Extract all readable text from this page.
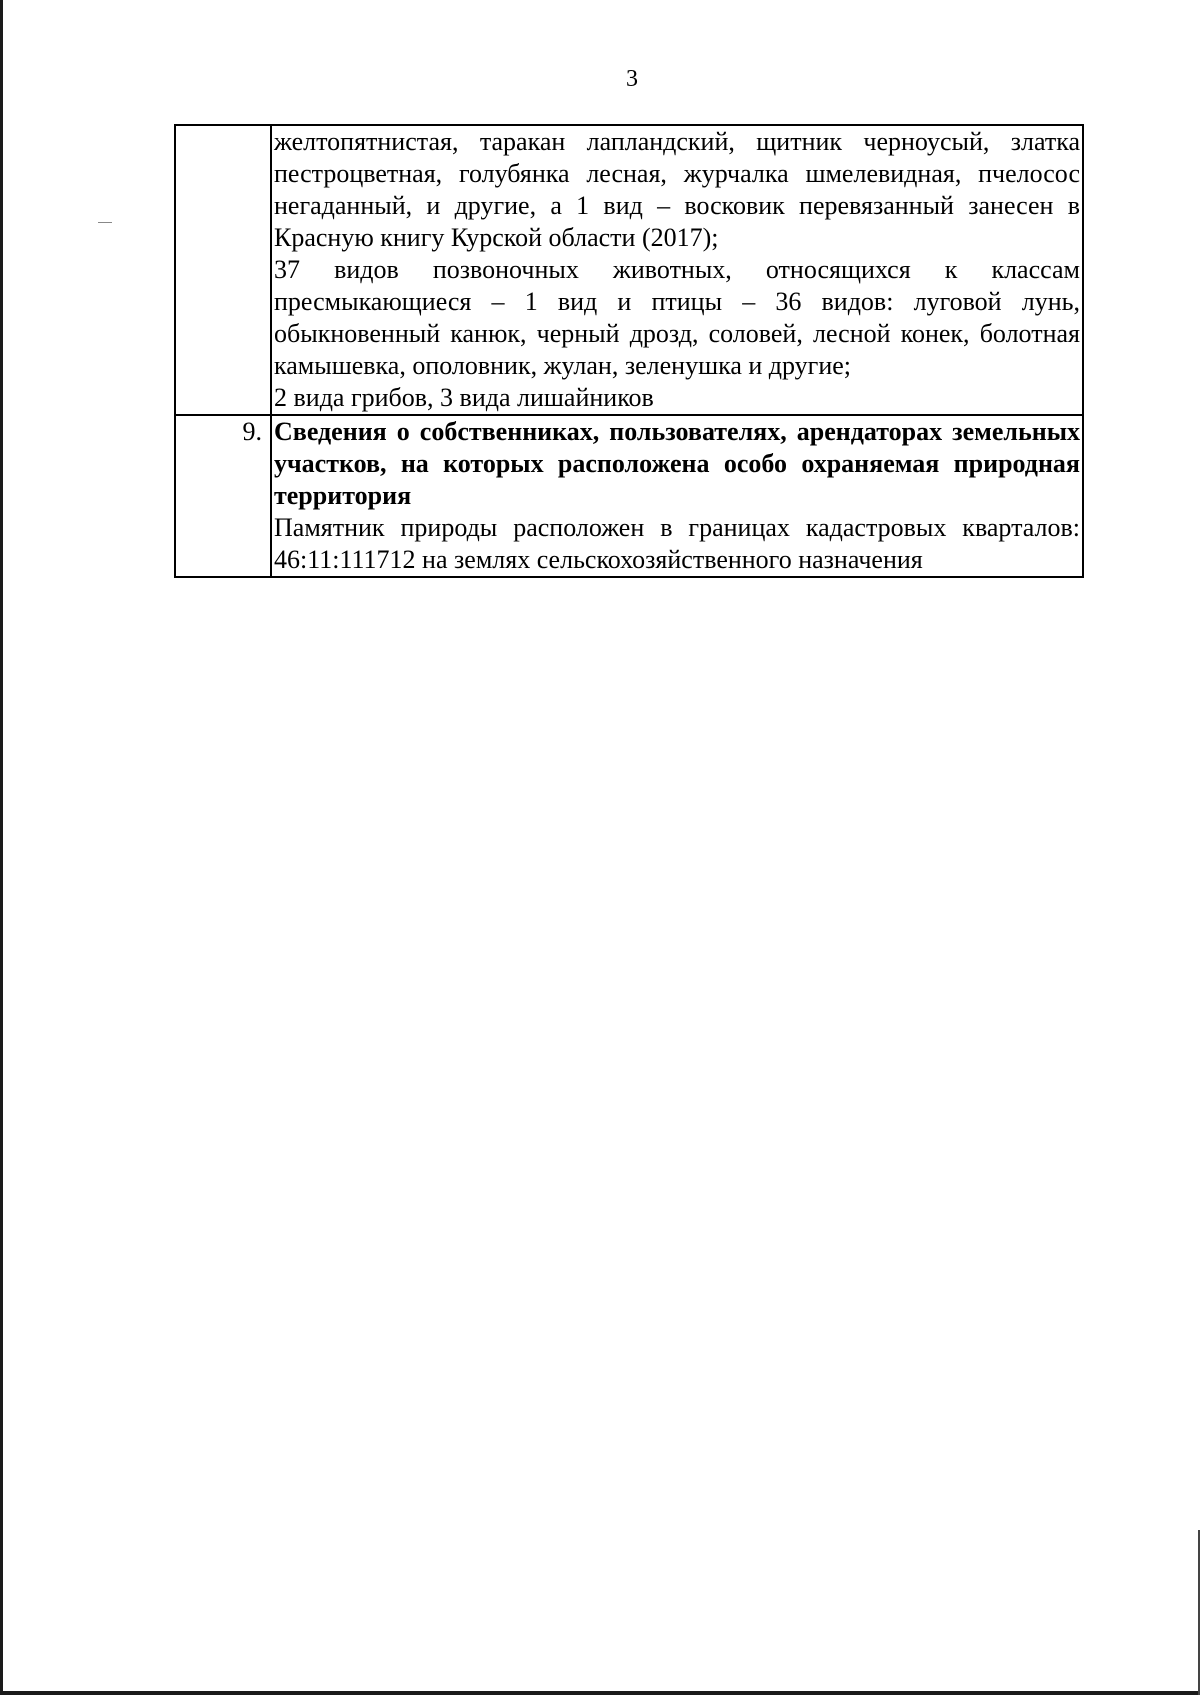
3

	желтопятнистая, таракан лапландский, щитник черноусый, златка пестроцветная, голубянка лесная, журчалка шмелевидная, пчелосос негаданный, и другие, а 1 вид – восковик перевязанный занесен в Красную книгу Курской области (2017);

37 видов позвоночных животных, относящихся к классам пресмыкающиеся – 1 вид и птицы – 36 видов: луговой лунь, обыкновенный канюк, черный дрозд, соловей, лесной конек, болотная камышевка, ополовник, жулан, зеленушка и другие;

2 вида грибов, 3 вида лишайников

9.	Сведения о собственниках, пользователях, арендаторах земельных участков, на которых расположена особо охраняемая природная территория

Памятник природы расположен в границах кадастровых кварталов: 46:11:111712 на землях сельскохозяйственного назначения
